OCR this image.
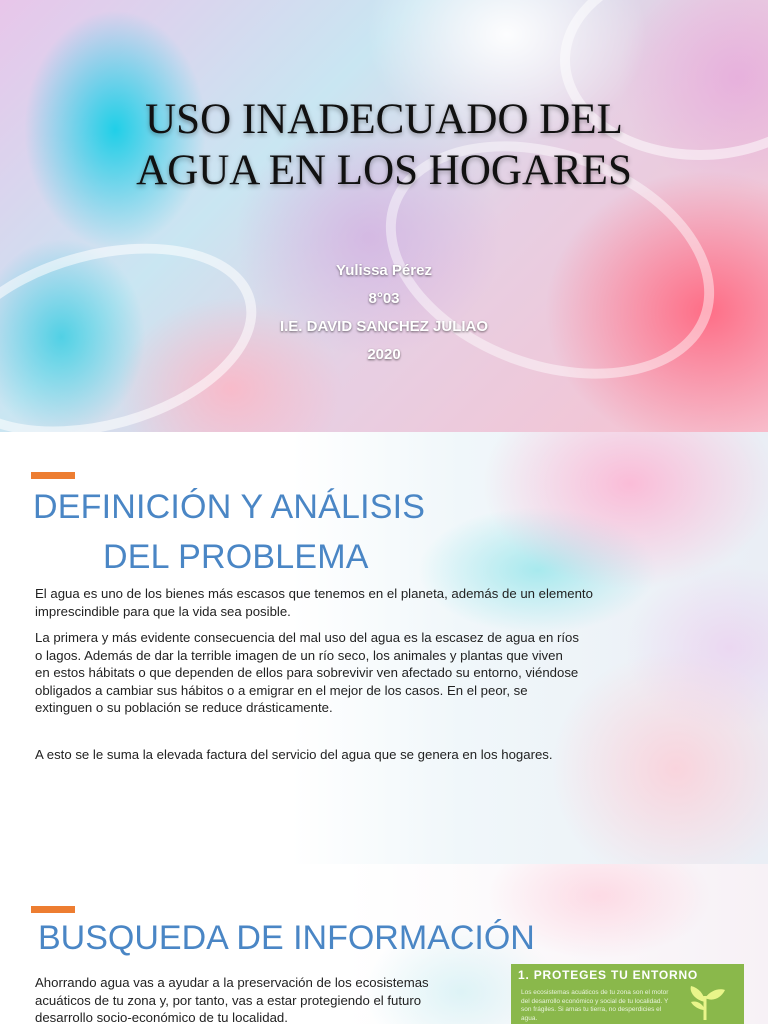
USO INADECUADO DEL
AGUA EN LOS HOGARES
Yulissa Pérez
8°03
I.E. DAVID SANCHEZ JULIAO
2020
DEFINICIÓN Y ANÁLISIS
DEL PROBLEMA

El agua es uno de los bienes más escasos que tenemos en el planeta, además de un elemento imprescindible para que la vida sea posible.

La primera y más evidente consecuencia del mal uso del agua es la escasez de agua en ríos o lagos. Además de dar la terrible imagen de un río seco, los animales y plantas que viven en estos hábitats o que dependen de ellos para sobrevivir ven afectado su entorno, viéndose obligados a cambiar sus hábitos o a emigrar en el mejor de los casos. En el peor, se extinguen o su población se reduce drásticamente.

A esto se le suma la elevada factura del servicio del agua que se genera en los hogares.

BUSQUEDA DE INFORMACIÓN

Ahorrando agua vas a ayudar a la preservación de los ecosistemas acuáticos de tu zona y, por tanto, vas a estar protegiendo el futuro desarrollo socio-económico de tu localidad.

1. PROTEGES TU ENTORNO
Los ecosistemas acuáticos de tu zona son el motor del desarrollo económico y social de tu localidad. Y son frágiles. Si amas tu tierra, no desperdicies el agua.
